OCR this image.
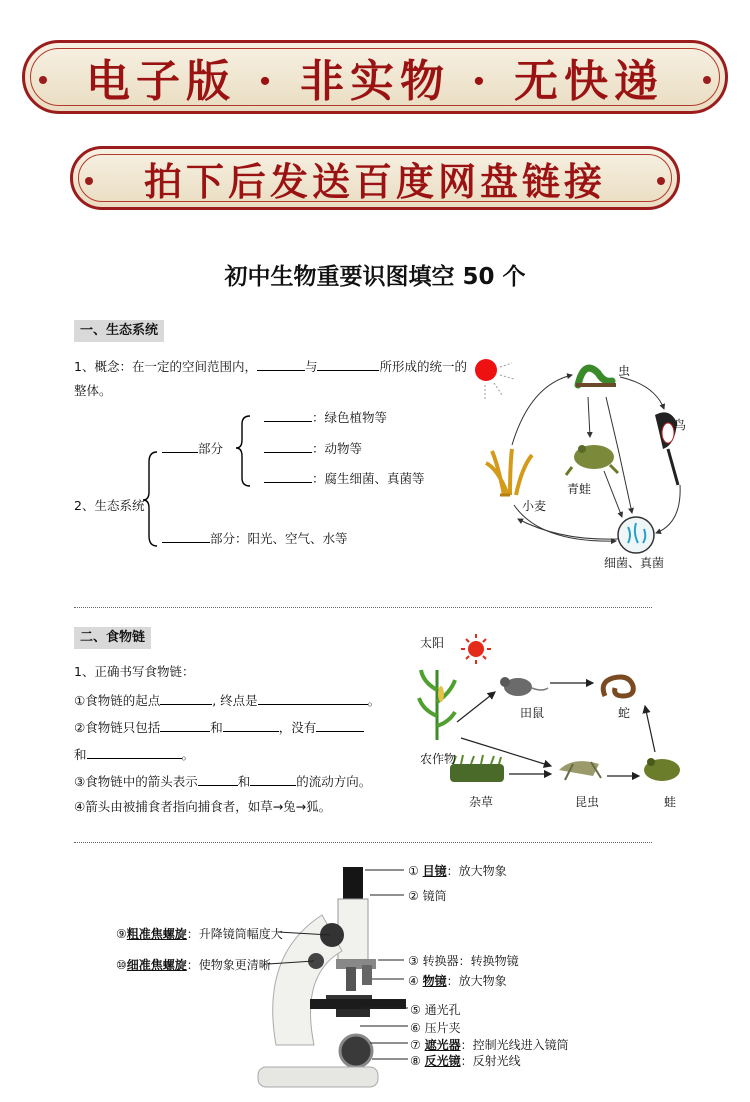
电子版 · 非实物 · 无快递
拍下后发送百度网盘链接
初中生物重要识图填空 50 个
一、生态系统
1、概念：在一定的空间范围内，	与	所形成的统一的
整体。
2、生态系统
部分
：绿色植物等
：动物等
：腐生细菌、真菌等
部分：阳光、空气、水等
虫
鸟
青蛙
小麦
细菌、真菌
二、食物链
1、正确书写食物链：
①食物链的起点	, 终点是	。
②食物链只包括	和	，没有
和	。
③食物链中的箭头表示	和	的流动方向。
④箭头由被捕食者指向捕食者，如草→兔→狐。
太阳
田鼠	蛇
农作物
杂草	昆虫	蛙
① 目镜：放大物象
② 镜筒
③ 转换器：转换物镜
④ 物镜：放大物象
⑤ 通光孔
⑥ 压片夹
⑦ 遮光器：控制光线进入镜筒
⑧ 反光镜：反射光线
⑨粗准焦螺旋：升降镜筒幅度大
⑩细准焦螺旋：使物象更清晰
